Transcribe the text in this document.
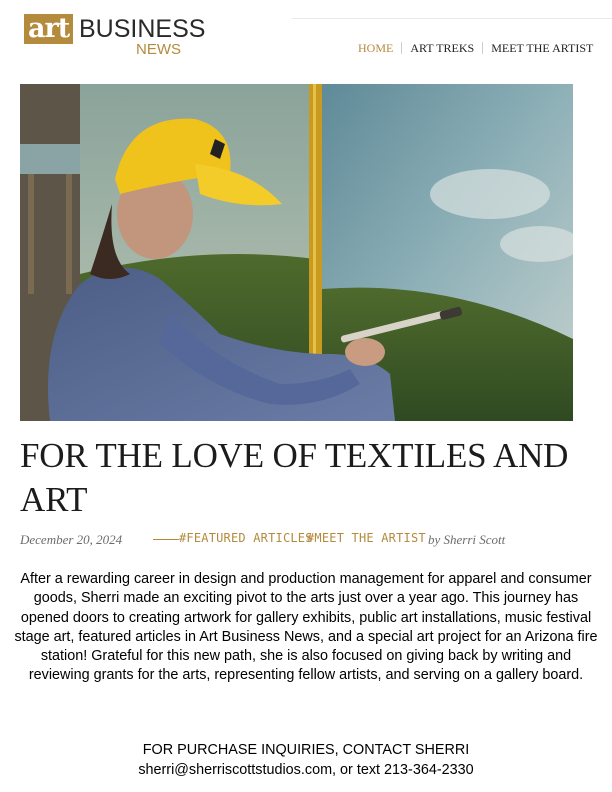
art BUSINESS
NEWS	HOME	ART TREKS	MEET THE ARTIST
FOR THE LOVE OF TEXTILES AND ART
December 20, 2024	#FEATURED ARTICLES
#MEET THE ARTIST by Sherri Scott

After a rewarding career in design and production management for apparel and consumer goods, Sherri made an exciting pivot to the arts just over a year ago. This journey has opened doors to creating artwork for gallery exhibits, public art installations, music festival stage art, featured articles in Art Business News, and a special art project for an Arizona fire station! Grateful for this new path, she is also focused on giving back by writing and reviewing grants for the arts, representing fellow artists, and serving on a gallery board.

FOR PURCHASE INQUIRIES, CONTACT SHERRI
sherri@sherriscottstudios.com, or text 213-364-2330
